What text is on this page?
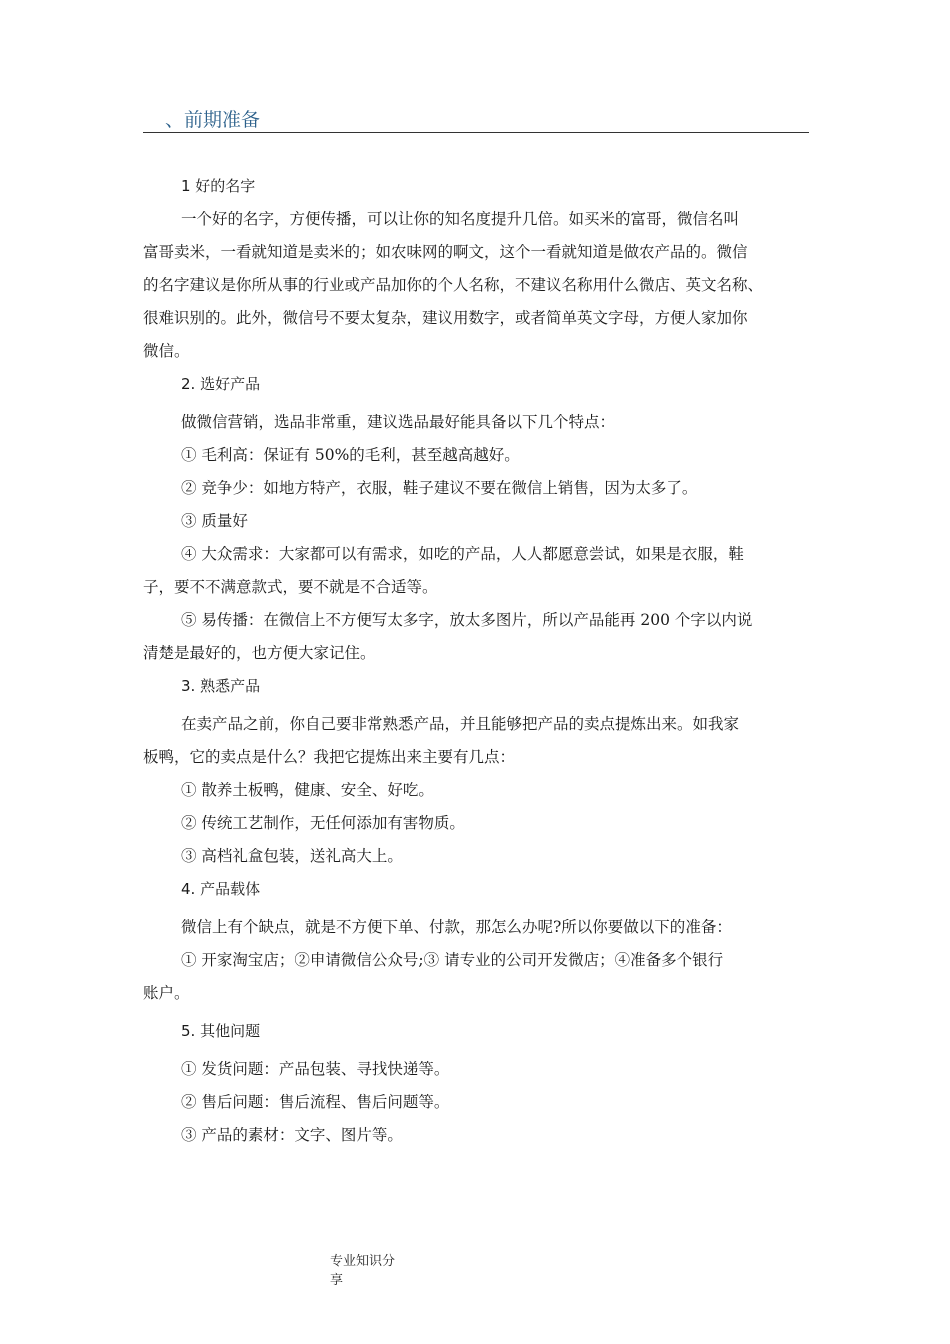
、前期准备
1 好的名字
一个好的名字，方便传播，可以让你的知名度提升几倍。如买米的富哥，微信名叫
富哥卖米，一看就知道是卖米的；如农味网的啊文，这个一看就知道是做农产品的。微信
的名字建议是你所从事的行业或产品加你的个人名称，不建议名称用什么微店、英文名称、
很难识别的。此外，微信号不要太复杂，建议用数字，或者简单英文字母，方便人家加你
微信。
2. 选好产品
做微信营销，选品非常重，建议选品最好能具备以下几个特点：
① 毛利高：保证有 50%的毛利，甚至越高越好。
② 竞争少：如地方特产，衣服，鞋子建议不要在微信上销售，因为太多了。
③ 质量好
④ 大众需求：大家都可以有需求，如吃的产品，人人都愿意尝试，如果是衣服，鞋
子，要不不满意款式，要不就是不合适等。
⑤ 易传播：在微信上不方便写太多字，放太多图片，所以产品能再 200 个字以内说
清楚是最好的，也方便大家记住。
3. 熟悉产品
在卖产品之前，你自己要非常熟悉产品，并且能够把产品的卖点提炼出来。如我家
板鸭，它的卖点是什么？我把它提炼出来主要有几点：
① 散养土板鸭，健康、安全、好吃。
② 传统工艺制作，无任何添加有害物质。
③ 高档礼盒包装，送礼高大上。
4. 产品载体
微信上有个缺点，就是不方便下单、付款，那怎么办呢?所以你要做以下的准备：
① 开家淘宝店；②申请微信公众号;③ 请专业的公司开发微店；④准备多个银行
账户。
5. 其他问题
① 发货问题：产品包装、寻找快递等。
② 售后问题：售后流程、售后问题等。
③ 产品的素材：文字、图片等。
专业知识分
享
